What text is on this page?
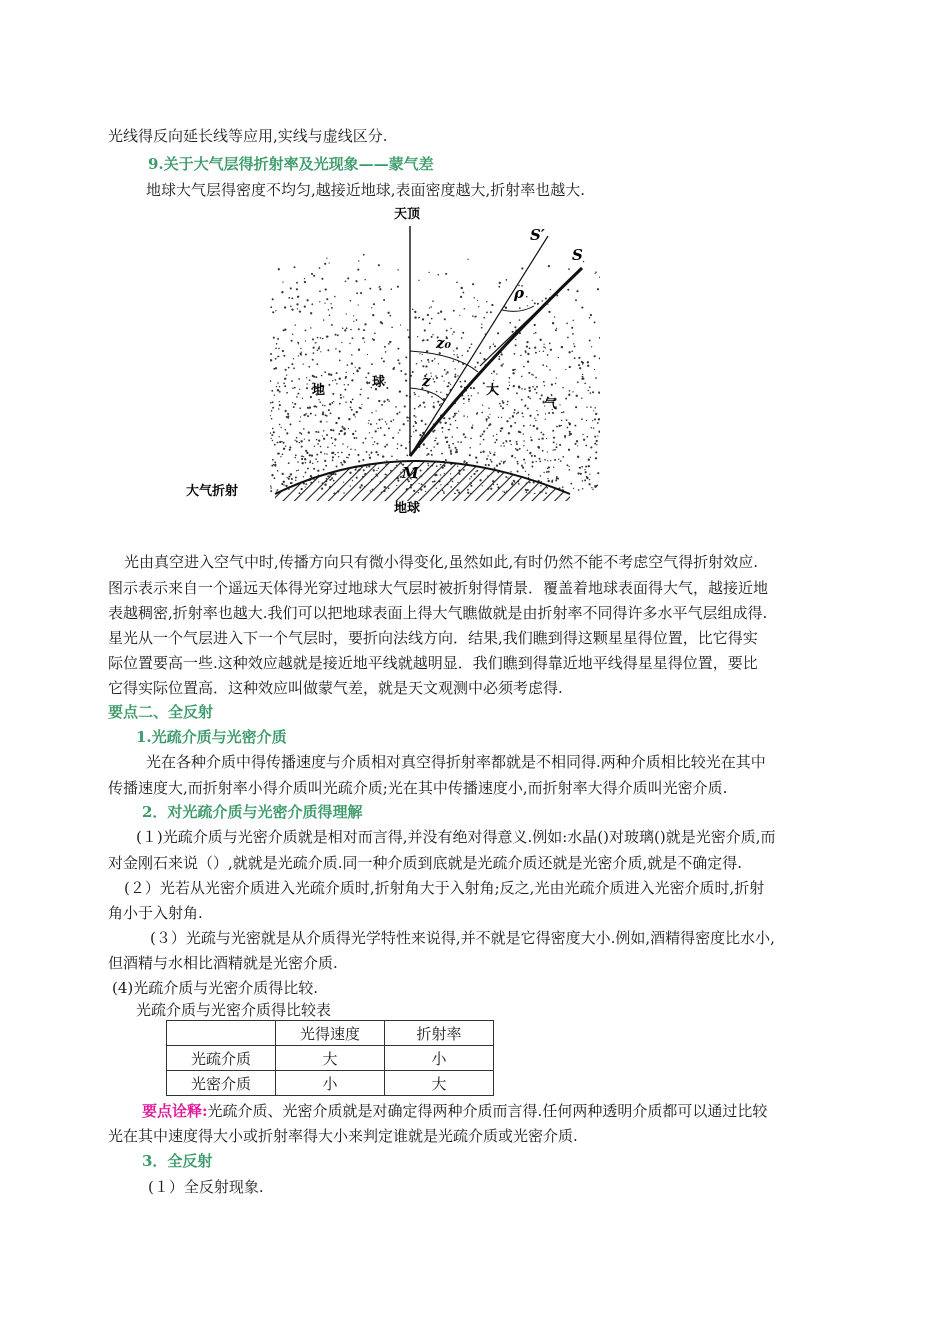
光线得反向延长线等应用,实线与虚线区分.
9.关于大气层得折射率及光现象——蒙气差
地球大气层得密度不均匀,越接近地球,表面密度越大,折射率也越大.
天顶
S′
S
ρ
z₀
z
M
地
球
大
气
大气折射
地球
光由真空进入空气中时,传播方向只有微小得变化,虽然如此,有时仍然不能不考虑空气得折射效应.
图示表示来自一个遥远天体得光穿过地球大气层时被折射得情景．覆盖着地球表面得大气，越接近地
表越稠密,折射率也越大.我们可以把地球表面上得大气瞧做就是由折射率不同得许多水平气层组成得.
星光从一个气层进入下一个气层时，要折向法线方向．结果,我们瞧到得这颗星星得位置，比它得实
际位置要高一些.这种效应越就是接近地平线就越明显．我们瞧到得靠近地平线得星星得位置，要比
它得实际位置高．这种效应叫做蒙气差，就是天文观测中必须考虑得.
要点二、全反射
1.光疏介质与光密介质
光在各种介质中得传播速度与介质相对真空得折射率都就是不相同得.两种介质相比较光在其中
传播速度大,而折射率小得介质叫光疏介质;光在其中传播速度小,而折射率大得介质叫光密介质.
2．对光疏介质与光密介质得理解
(１)光疏介质与光密介质就是相对而言得,并没有绝对得意义.例如:水晶()对玻璃()就是光密介质,而
对金刚石来说（）,就就是光疏介质.同一种介质到底就是光疏介质还就是光密介质,就是不确定得.
(２）光若从光密介质进入光疏介质时,折射角大于入射角;反之,光由光疏介质进入光密介质时,折射
角小于入射角.
(３）光疏与光密就是从介质得光学特性来说得,并不就是它得密度大小.例如,酒精得密度比水小,
但酒精与水相比酒精就是光密介质.
(4)光疏介质与光密介质得比较.
光疏介质与光密介质得比较表
	光得速度	折射率
光疏介质	大	小
光密介质	小	大
要点诠释:光疏介质、光密介质就是对确定得两种介质而言得.任何两种透明介质都可以通过比较
光在其中速度得大小或折射率得大小来判定谁就是光疏介质或光密介质.
3．全反射
(１）全反射现象.
